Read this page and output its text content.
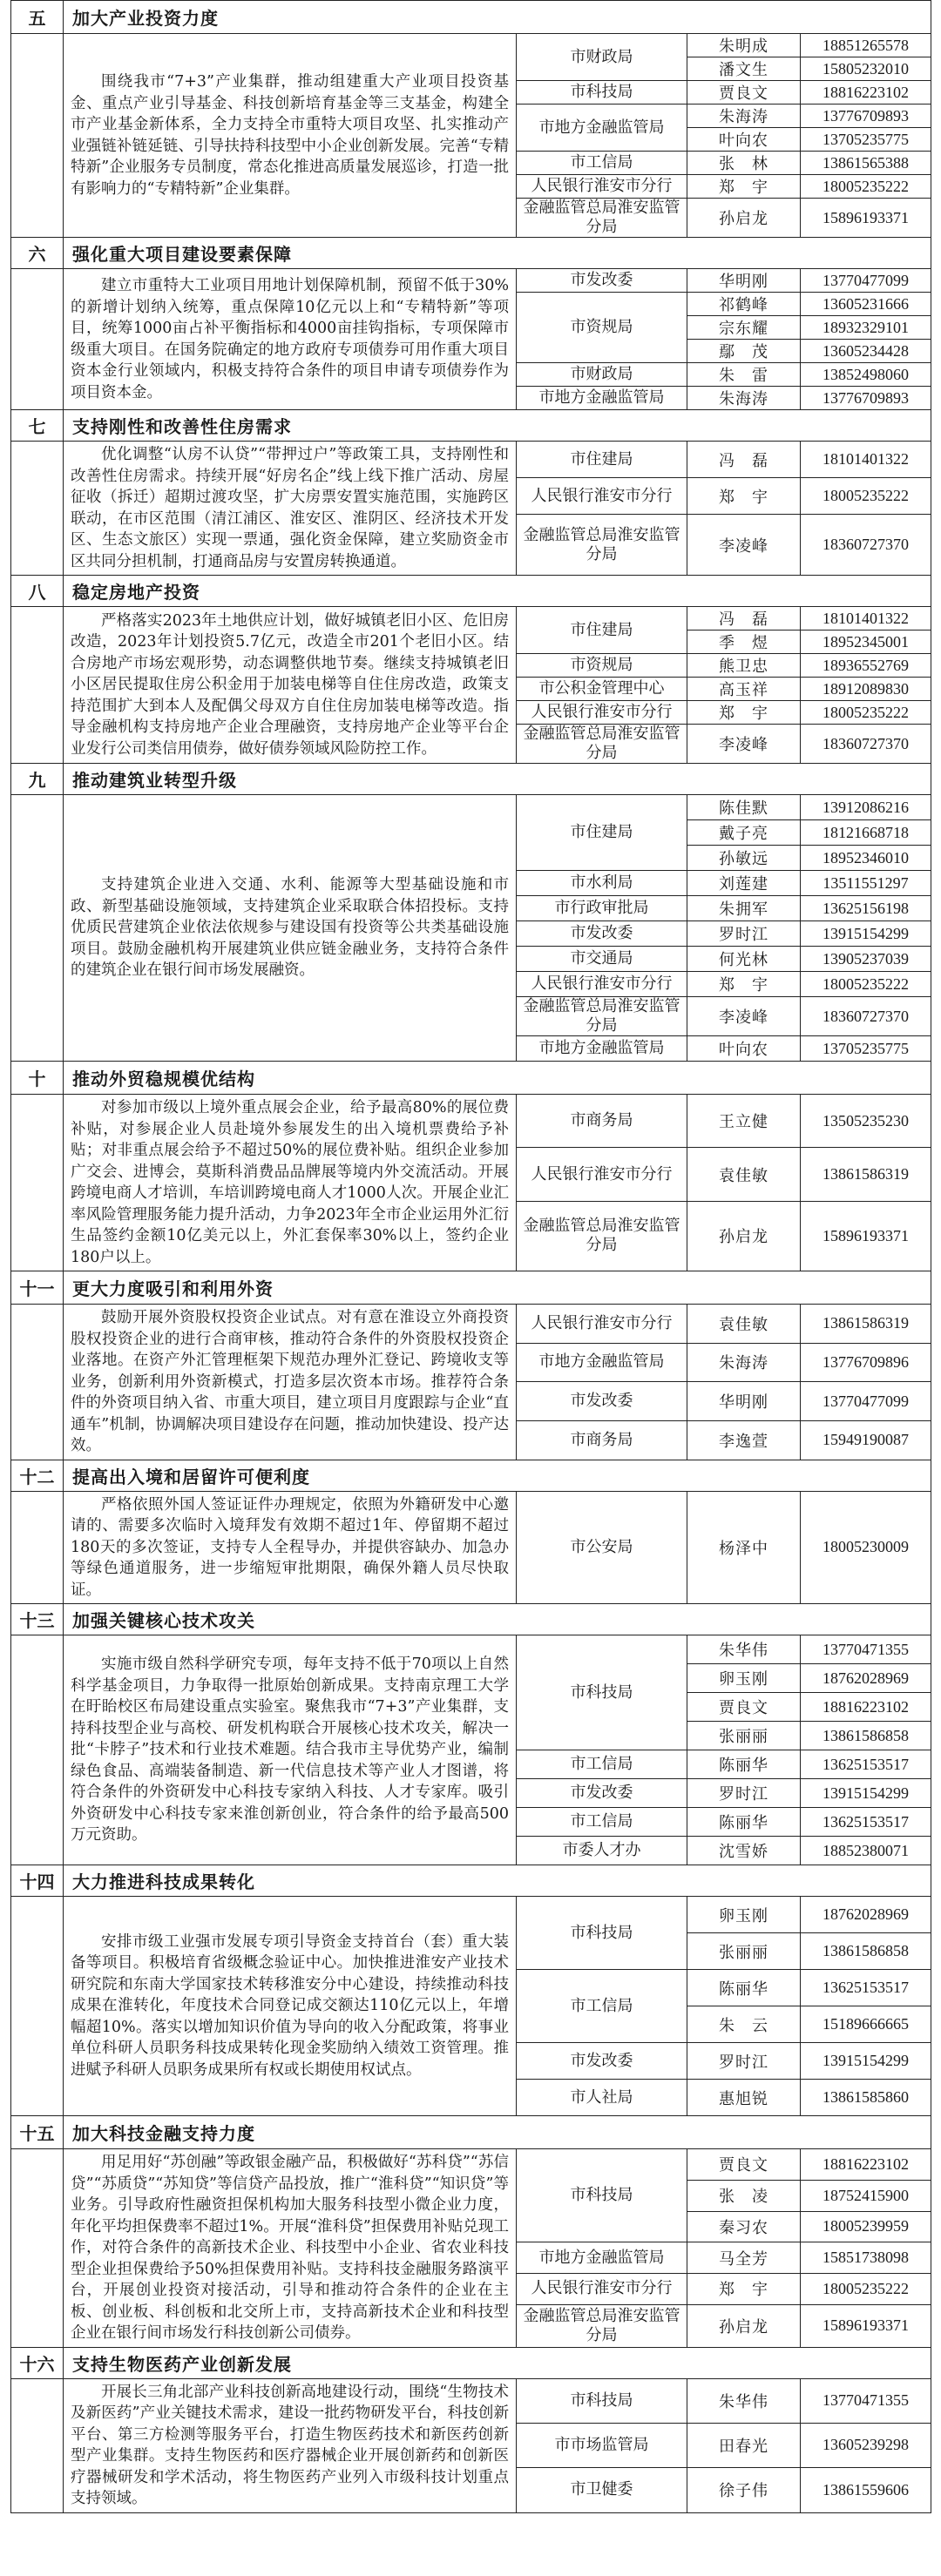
五	加大产业投资力度			
	围绕我市“7+3”产业集群，推动组建重大产业项目投资基金、重点产业引导基金、科技创新培育基金等三支基金，构建全市产业基金新体系，全力支持全市重特大项目攻坚、扎实推动产业强链补链延链、引导扶持科技型中小企业创新发展。完善“专精特新”企业服务专员制度，常态化推进高质量发展巡诊，打造一批有影响力的“专精特新”企业集群。	市财政局	朱明成	18851265578
			潘文生	15805232010
		市科技局	贾良文	18816223102
		市地方金融监管局	朱海涛	13776709893
			叶向农	13705235775
		市工信局	张　林	13861565388
		人民银行淮安市分行	郑　宇	18005235222
		金融监管总局淮安监管分局	孙启龙	15896193371
六	强化重大项目建设要素保障			
	建立市重特大工业项目用地计划保障机制，预留不低于30%的新增计划纳入统筹，重点保障10亿元以上和“专精特新”等项目，统筹1000亩占补平衡指标和4000亩挂钩指标，专项保障市级重大项目。在国务院确定的地方政府专项债券可用作重大项目资本金行业领域内，积极支持符合条件的项目申请专项债券作为项目资本金。	市发改委	华明刚	13770477099
		市资规局	祁鹤峰	13605231666
			宗东耀	18932329101
			鄢　茂	13605234428
		市财政局	朱　雷	13852498060
		市地方金融监管局	朱海涛	13776709893
七	支持刚性和改善性住房需求			
	优化调整“认房不认贷”“带押过户”等政策工具，支持刚性和改善性住房需求。持续开展“好房名企”线上线下推广活动、房屋征收（拆迁）超期过渡攻坚，扩大房票安置实施范围，实施跨区联动，在市区范围（清江浦区、淮安区、淮阴区、经济技术开发区、生态文旅区）实现一票通，强化资金保障，建立奖励资金市区共同分担机制，打通商品房与安置房转换通道。	市住建局	冯　磊	18101401322
		人民银行淮安市分行	郑　宇	18005235222
		金融监管总局淮安监管分局	李凌峰	18360727370
八	稳定房地产投资			
	严格落实2023年土地供应计划，做好城镇老旧小区、危旧房改造，2023年计划投资5.7亿元，改造全市201个老旧小区。结合房地产市场宏观形势，动态调整供地节奏。继续支持城镇老旧小区居民提取住房公积金用于加装电梯等自住住房改造，政策支持范围扩大到本人及配偶父母双方自住住房加装电梯等改造。指导金融机构支持房地产企业合理融资，支持房地产企业等平台企业发行公司类信用债券，做好债券领域风险防控工作。	市住建局	冯　磊	18101401322
			季　煜	18952345001
		市资规局	熊卫忠	18936552769
		市公积金管理中心	高玉祥	18912089830
		人民银行淮安市分行	郑　宇	18005235222
		金融监管总局淮安监管分局	李凌峰	18360727370
九	推动建筑业转型升级			
	支持建筑企业进入交通、水利、能源等大型基础设施和市政、新型基础设施领域，支持建筑企业采取联合体招投标。支持优质民营建筑企业依法依规参与建设国有投资等公共类基础设施项目。鼓励金融机构开展建筑业供应链金融业务，支持符合条件的建筑企业在银行间市场发展融资。	市住建局	陈佳默	13912086216
			戴子亮	18121668718
			孙敏远	18952346010
		市水利局	刘莲建	13511551297
		市行政审批局	朱拥军	13625156198
		市发改委	罗时江	13915154299
		市交通局	何光林	13905237039
		人民银行淮安市分行	郑　宇	18005235222
		金融监管总局淮安监管分局	李凌峰	18360727370
		市地方金融监管局	叶向农	13705235775
十	推动外贸稳规模优结构			
	对参加市级以上境外重点展会企业，给予最高80%的展位费补贴，对参展企业人员赴境外参展发生的出入境机票费给予补贴；对非重点展会给予不超过50%的展位费补贴。组织企业参加广交会、进博会，莫斯科消费品品牌展等境内外交流活动。开展跨境电商人才培训，车培训跨境电商人才1000人次。开展企业汇率风险管理服务能力提升活动，力争2023年全市企业运用外汇衍生品签约金额10亿美元以上，外汇套保率30%以上，签约企业180户以上。	市商务局	王立健	13505235230
		人民银行淮安市分行	袁佳敏	13861586319
		金融监管总局淮安监管分局	孙启龙	15896193371
十一	更大力度吸引和利用外资			
	鼓励开展外资股权投资企业试点。对有意在淮设立外商投资股权投资企业的进行合商审核，推动符合条件的外资股权投资企业落地。在资产外汇管理框架下规范办理外汇登记、跨境收支等业务，创新利用外资新模式，打造多层次资本市场。推荐符合条件的外资项目纳入省、市重大项目，建立项目月度跟踪与企业“直通车”机制，协调解决项目建设存在问题，推动加快建设、投产达效。	人民银行淮安市分行	袁佳敏	13861586319
		市地方金融监管局	朱海涛	13776709896
		市发改委	华明刚	13770477099
		市商务局	李逸萱	15949190087
十二	提高出入境和居留许可便利度			
	严格依照外国人签证证件办理规定，依照为外籍研发中心邀请的、需要多次临时入境拜发有效期不超过1年、停留期不超过180天的多次签证，支持专人全程导办，并提供容缺办、加急办等绿色通道服务，进一步缩短审批期限，确保外籍人员尽快取证。	市公安局	杨泽中	18005230009
十三	加强关键核心技术攻关			
	实施市级自然科学研究专项，每年支持不低于70项以上自然科学基金项目，力争取得一批原始创新成果。支持南京理工大学在盱眙校区布局建设重点实验室。聚焦我市“7+3”产业集群，支持科技型企业与高校、研发机构联合开展核心技术攻关，解决一批“卡脖子”技术和行业技术难题。结合我市主导优势产业，编制绿色食品、高端装备制造、新一代信息技术等产业人才图谱，将符合条件的外资研发中心科技专家纳入科技、人才专家库。吸引外资研发中心科技专家来淮创新创业，符合条件的给予最高500万元资助。	市科技局	朱华伟	13770471355
			卵玉刚	18762028969
			贾良文	18816223102
			张丽丽	13861586858
		市工信局	陈丽华	13625153517
		市发改委	罗时江	13915154299
		市工信局	陈丽华	13625153517
		市委人才办	沈雪娇	18852380071
十四	大力推进科技成果转化			
	安排市级工业强市发展专项引导资金支持首台（套）重大装备等项目。积极培育省级概念验证中心。加快推进淮安产业技术研究院和东南大学国家技术转移淮安分中心建设，持续推动科技成果在淮转化，年度技术合同登记成交额达110亿元以上，年增幅超10%。落实以增加知识价值为导向的收入分配政策，将事业单位科研人员职务科技成果转化现金奖励纳入绩效工资管理。推进赋予科研人员职务成果所有权或长期使用权试点。	市科技局	卵玉刚	18762028969
			张丽丽	13861586858
		市工信局	陈丽华	13625153517
			朱　云	15189666665
		市发改委	罗时江	13915154299
		市人社局	惠旭锐	13861585860
十五	加大科技金融支持力度			
	用足用好“苏创融”等政银金融产品，积极做好“苏科贷”“苏信贷”“苏质贷”“苏知贷”等信贷产品投放，推广“淮科贷”“知识贷”等业务。引导政府性融资担保机构加大服务科技型小微企业力度，年化平均担保费率不超过1%。开展“淮科贷”担保费用补贴兑现工作，对符合条件的高新技术企业、科技型中小企业、省农业科技型企业担保费给予50%担保费用补贴。支持科技金融服务路演平台，开展创业投资对接活动，引导和推动符合条件的企业在主板、创业板、科创板和北交所上市，支持高新技术企业和科技型企业在银行间市场发行科技创新公司债券。	市科技局	贾良文	18816223102
			张　凌	18752415900
			秦习农	18005239959
		市地方金融监管局	马全芳	15851738098
		人民银行淮安市分行	郑　宇	18005235222
		金融监管总局淮安监管分局	孙启龙	15896193371
十六	支持生物医药产业创新发展			
	开展长三角北部产业科技创新高地建设行动，围绕“生物技术及新医药”产业关键技术需求，建设一批药物研发平台，科技创新平台、第三方检测等服务平台，打造生物医药技术和新医药创新型产业集群。支持生物医药和医疗器械企业开展创新药和创新医疗器械研发和学术活动，将生物医药产业列入市级科技计划重点支持领域。	市科技局	朱华伟	13770471355
		市市场监管局	田春光	13605239298
		市卫健委	徐子伟	13861559606
